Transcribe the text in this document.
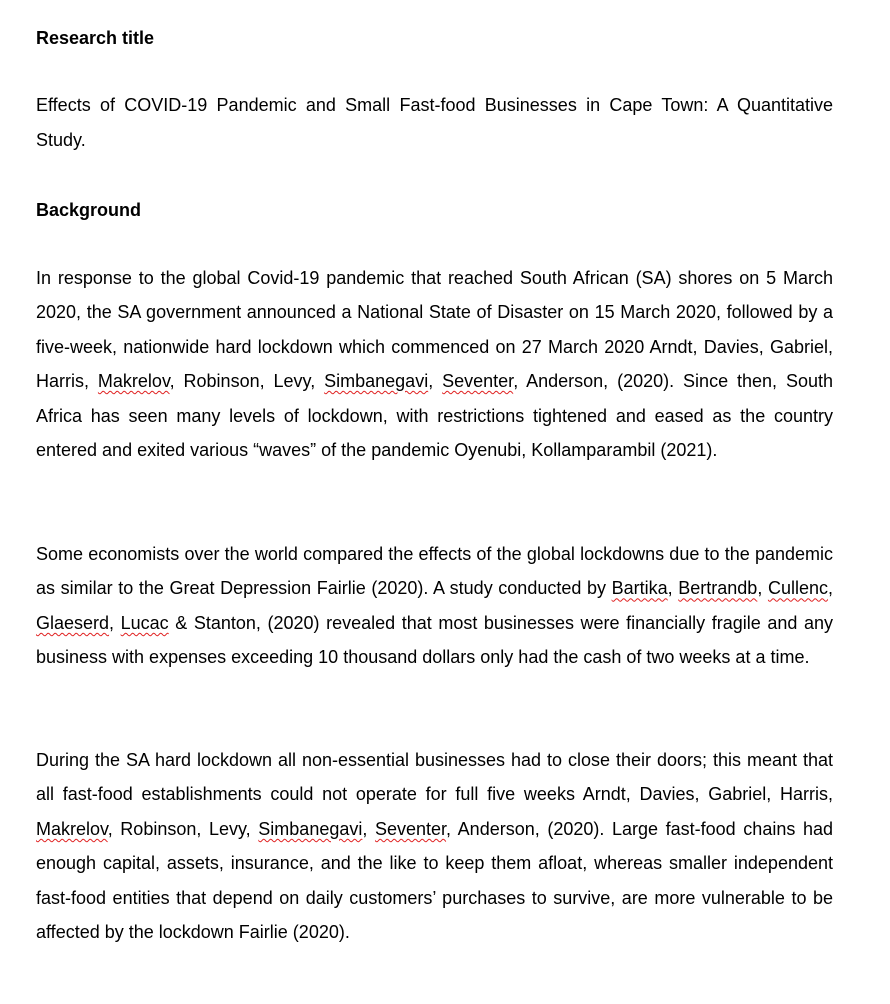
Research title

Effects of COVID-19 Pandemic and Small Fast-food Businesses in Cape Town: A Quantitative Study.

Background

In response to the global Covid-19 pandemic that reached South African (SA) shores on 5 March 2020, the SA government announced a National State of Disaster on 15 March 2020, followed by a five-week, nationwide hard lockdown which commenced on 27 March 2020 Arndt, Davies, Gabriel, Harris, Makrelov, Robinson, Levy, Simbanegavi, Seventer, Anderson, (2020). Since then, South Africa has seen many levels of lockdown, with restrictions tightened and eased as the country entered and exited various “waves” of the pandemic Oyenubi, Kollamparambil (2021).

Some economists over the world compared the effects of the global lockdowns due to the pandemic as similar to the Great Depression Fairlie (2020). A study conducted by Bartika, Bertrandb, Cullenc, Glaeserd, Lucac & Stanton, (2020) revealed that most businesses were financially fragile and any business with expenses exceeding 10 thousand dollars only had the cash of two weeks at a time.

During the SA hard lockdown all non-essential businesses had to close their doors; this meant that all fast-food establishments could not operate for full five weeks Arndt, Davies, Gabriel, Harris, Makrelov, Robinson, Levy, Simbanegavi, Seventer, Anderson, (2020). Large fast-food chains had enough capital, assets, insurance, and the like to keep them afloat, whereas smaller independent fast-food entities that depend on daily customers’ purchases to survive, are more vulnerable to be affected by the lockdown Fairlie (2020).
